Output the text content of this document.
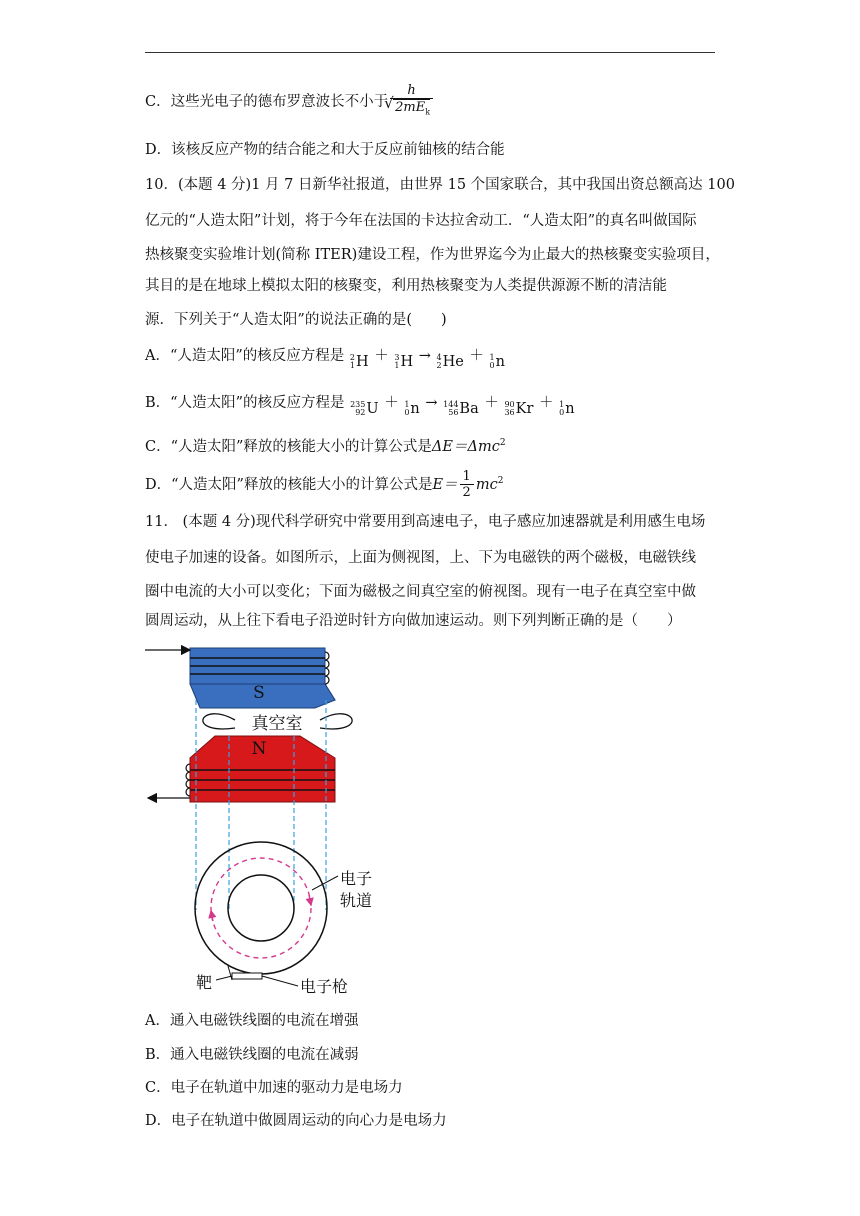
C．这些光电子的德布罗意波长不小于 h
√ $2mE_k$
D．该核反应产物的结合能之和大于反应前铀核的结合能
10．(本题 4 分)1 月 7 日新华社报道，由世界 15 个国家联合，其中我国出资总额高达 100
亿元的“人造太阳”计划，将于今年在法国的卡达拉舍动工．“人造太阳”的真名叫做国际
热核聚变实验堆计划(简称 ITER)建设工程，作为世界迄今为止最大的热核聚变实验项目，
其目的是在地球上模拟太阳的核聚变，利用热核聚变为人类提供源源不断的清洁能
源．下列关于“人造太阳”的说法正确的是(　　)
A．“人造太阳”的核反应方程是 2
1 H ＋ 3
1 H → 4
2 He ＋ 1
0 n
B．“人造太阳”的核反应方程是 235
92 U ＋ 1
0 n → 144
56 Ba ＋ 90
36 Kr ＋ 1
0 n
C．“人造太阳”释放的核能大小的计算公式是ΔE＝Δmc$^2$
D．“人造太阳”释放的核能大小的计算公式是$E= \frac{1}{2} mc^2$
11． (本题 4 分)现代科学研究中常要用到高速电子，电子感应加速器就是利用感生电场
使电子加速的设备。如图所示，上面为侧视图，上、下为电磁铁的两个磁极，电磁铁线
圈中电流的大小可以变化；下面为磁极之间真空室的俯视图。现有一电子在真空室中做
圆周运动，从上往下看电子沿逆时针方向做加速运动。则下列判断正确的是（　　）
S
真空室
N
电子
轨道
靶	电子枪
A．通入电磁铁线圈的电流在增强
B．通入电磁铁线圈的电流在减弱
C．电子在轨道中加速的驱动力是电场力
D．电子在轨道中做圆周运动的向心力是电场力
